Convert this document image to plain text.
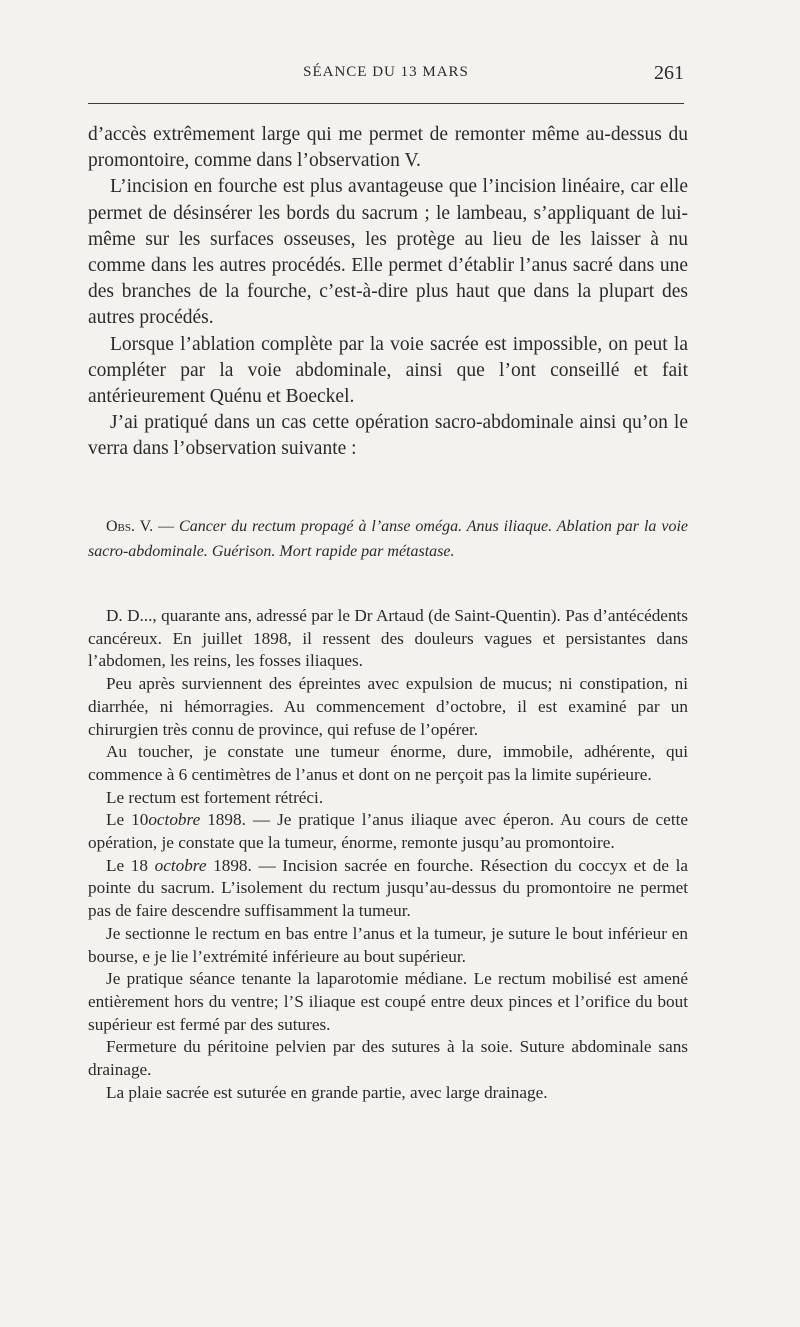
SÉANCE DU 13 MARS	261

d’accès extrêmement large qui me permet de remonter même au-dessus du promontoire, comme dans l’observation V.

L’incision en fourche est plus avantageuse que l’incision linéaire, car elle permet de désinsérer les bords du sacrum ; le lambeau, s’appliquant de lui-même sur les surfaces osseuses, les protège au lieu de les laisser à nu comme dans les autres procédés. Elle permet d’établir l’anus sacré dans une des branches de la fourche, c’est-à-dire plus haut que dans la plupart des autres procédés.

Lorsque l’ablation complète par la voie sacrée est impossible, on peut la compléter par la voie abdominale, ainsi que l’ont conseillé et fait antérieurement Quénu et Boeckel.

J’ai pratiqué dans un cas cette opération sacro-abdominale ainsi qu’on le verra dans l’observation suivante :

Obs. V. — Cancer du rectum propagé à l’anse oméga. Anus iliaque. Ablation par la voie sacro-abdominale. Guérison. Mort rapide par métastase.

D. D..., quarante ans, adressé par le Dr Artaud (de Saint-Quentin). Pas d’antécédents cancéreux. En juillet 1898, il ressent des douleurs vagues et persistantes dans l’abdomen, les reins, les fosses iliaques.

Peu après surviennent des épreintes avec expulsion de mucus; ni constipation, ni diarrhée, ni hémorragies. Au commencement d’octobre, il est examiné par un chirurgien très connu de province, qui refuse de l’opérer.

Au toucher, je constate une tumeur énorme, dure, immobile, adhérente, qui commence à 6 centimètres de l’anus et dont on ne perçoit pas la limite supérieure.

Le rectum est fortement rétréci.

Le 10octobre 1898. — Je pratique l’anus iliaque avec éperon. Au cours de cette opération, je constate que la tumeur, énorme, remonte jusqu’au promontoire.

Le 18 octobre 1898. — Incision sacrée en fourche. Résection du coccyx et de la pointe du sacrum. L’isolement du rectum jusqu’au-dessus du promontoire ne permet pas de faire descendre suffisamment la tumeur.

Je sectionne le rectum en bas entre l’anus et la tumeur, je suture le bout inférieur en bourse, e je lie l’extrémité inférieure au bout supérieur.

Je pratique séance tenante la laparotomie médiane. Le rectum mobilisé est amené entièrement hors du ventre; l’S iliaque est coupé entre deux pinces et l’orifice du bout supérieur est fermé par des sutures.

Fermeture du péritoine pelvien par des sutures à la soie. Suture abdominale sans drainage.

La plaie sacrée est suturée en grande partie, avec large drainage.
